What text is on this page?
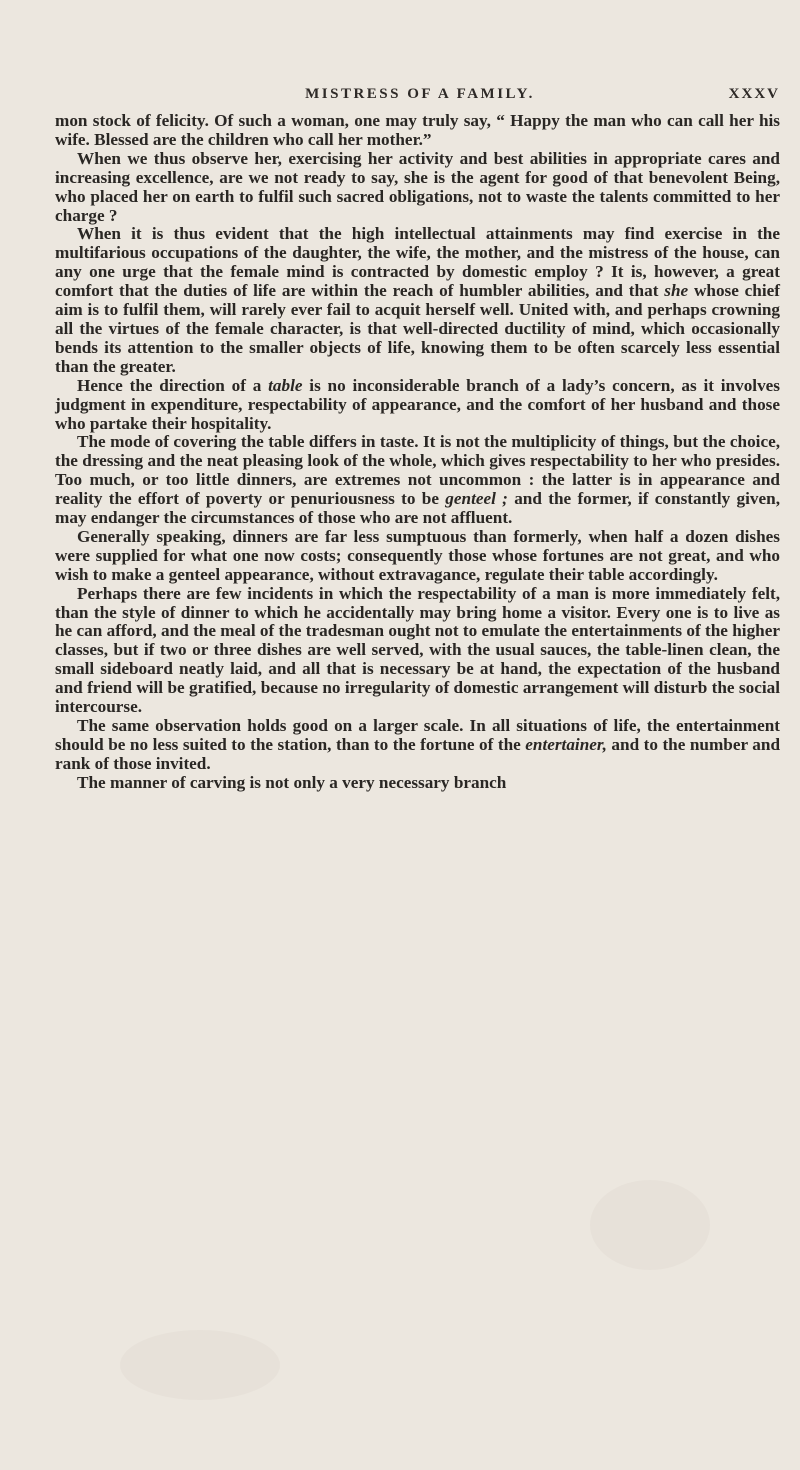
MISTRESS OF A FAMILY.	XXXV

mon stock of felicity. Of such a woman, one may truly say, “ Happy the man who can call her his wife. Blessed are the children who call her mother.”

When we thus observe her, exercising her activity and best abilities in appropriate cares and increasing excellence, are we not ready to say, she is the agent for good of that benevolent Being, who placed her on earth to fulfil such sacred obligations, not to waste the talents committed to her charge ?

When it is thus evident that the high intellectual attainments may find exercise in the multifarious occupations of the daughter, the wife, the mother, and the mistress of the house, can any one urge that the female mind is contracted by domestic employ ? It is, however, a great comfort that the duties of life are within the reach of humbler abilities, and that she whose chief aim is to fulfil them, will rarely ever fail to acquit herself well. United with, and perhaps crowning all the virtues of the female character, is that well-directed ductility of mind, which occasionally bends its attention to the smaller objects of life, knowing them to be often scarcely less essential than the greater.

Hence the direction of a table is no inconsiderable branch of a lady’s concern, as it involves judgment in expenditure, respectability of appearance, and the comfort of her husband and those who partake their hospitality.

The mode of covering the table differs in taste. It is not the multiplicity of things, but the choice, the dressing and the neat pleasing look of the whole, which gives respectability to her who presides. Too much, or too little dinners, are extremes not uncommon : the latter is in appearance and reality the effort of poverty or penuriousness to be genteel ; and the former, if constantly given, may endanger the circumstances of those who are not affluent.

Generally speaking, dinners are far less sumptuous than formerly, when half a dozen dishes were supplied for what one now costs; consequently those whose fortunes are not great, and who wish to make a genteel appearance, without extravagance, regulate their table accordingly.

Perhaps there are few incidents in which the respectability of a man is more immediately felt, than the style of dinner to which he accidentally may bring home a visitor. Every one is to live as he can afford, and the meal of the tradesman ought not to emulate the entertainments of the higher classes, but if two or three dishes are well served, with the usual sauces, the table-linen clean, the small sideboard neatly laid, and all that is necessary be at hand, the expectation of the husband and friend will be gratified, because no irregularity of domestic arrangement will disturb the social intercourse.

The same observation holds good on a larger scale. In all situations of life, the entertainment should be no less suited to the station, than to the fortune of the entertainer, and to the number and rank of those invited.

The manner of carving is not only a very necessary branch
